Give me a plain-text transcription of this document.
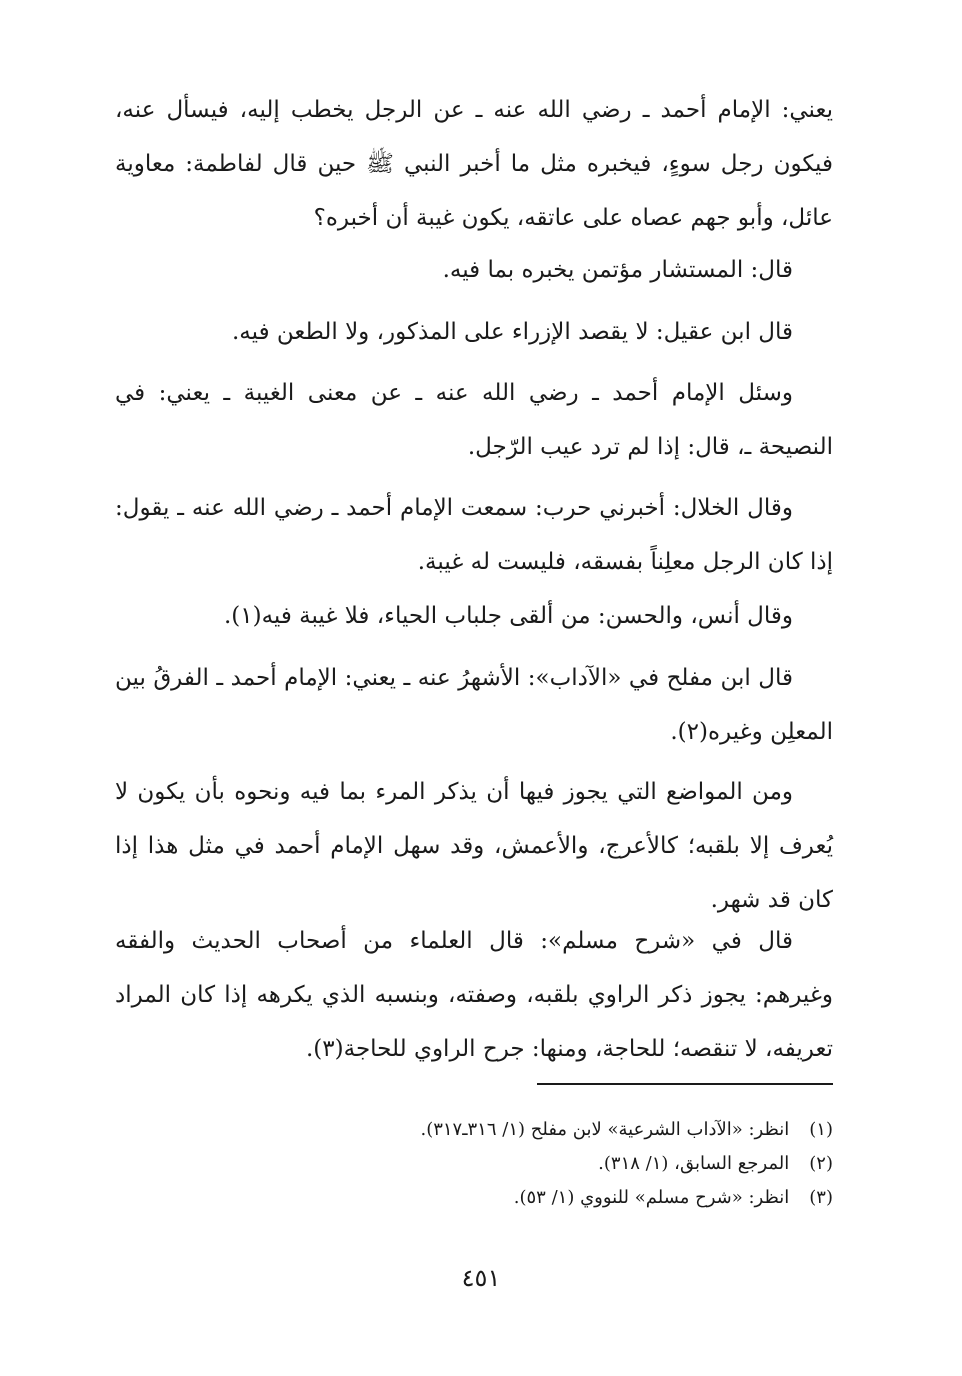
يعني: الإمام أحمد ـ رضي الله عنه ـ عن الرجل يخطب إليه، فيسأل عنه، فيكون رجل سوءٍ، فيخبره مثل ما أخبر النبي ﷺ حين قال لفاطمة: معاوية عائل، وأبو جهم عصاه على عاتقه، يكون غيبة أن أخبره؟

قال: المستشار مؤتمن يخبره بما فيه.

قال ابن عقيل: لا يقصد الإزراء على المذكور، ولا الطعن فيه.

وسئل الإمام أحمد ـ رضي الله عنه ـ عن معنى الغيبة ـ يعني: في النصيحة ـ، قال: إذا لم ترد عيب الرّجل.

وقال الخلال: أخبرني حرب: سمعت الإمام أحمد ـ رضي الله عنه ـ يقول: إذا كان الرجل معلِناً بفسقه، فليست له غيبة.

وقال أنس، والحسن: من ألقى جلباب الحياء، فلا غيبة فيه(١).

قال ابن مفلح في «الآداب»: الأشهرُ عنه ـ يعني: الإمام أحمد ـ الفرقُ بين المعلِن وغيره(٢).

ومن المواضع التي يجوز فيها أن يذكر المرء بما فيه ونحوه بأن يكون لا يُعرف إلا بلقبه؛ كالأعرج، والأعمش، وقد سهل الإمام أحمد في مثل هذا إذا كان قد شهر.

قال في «شرح مسلم»: قال العلماء من أصحاب الحديث والفقه وغيرهم: يجوز ذكر الراوي بلقبه، وصفته، وبنسبه الذي يكرهه إذا كان المراد تعريفه، لا تنقصه؛ للحاجة، ومنها: جرح الراوي للحاجة(٣).

(١) انظر: «الآداب الشرعية» لابن مفلح (١/ ٣١٦ـ٣١٧).
(٢) المرجع السابق، (١/ ٣١٨).
(٣) انظر: «شرح مسلم» للنووي (١/ ٥٣).
٤٥١
